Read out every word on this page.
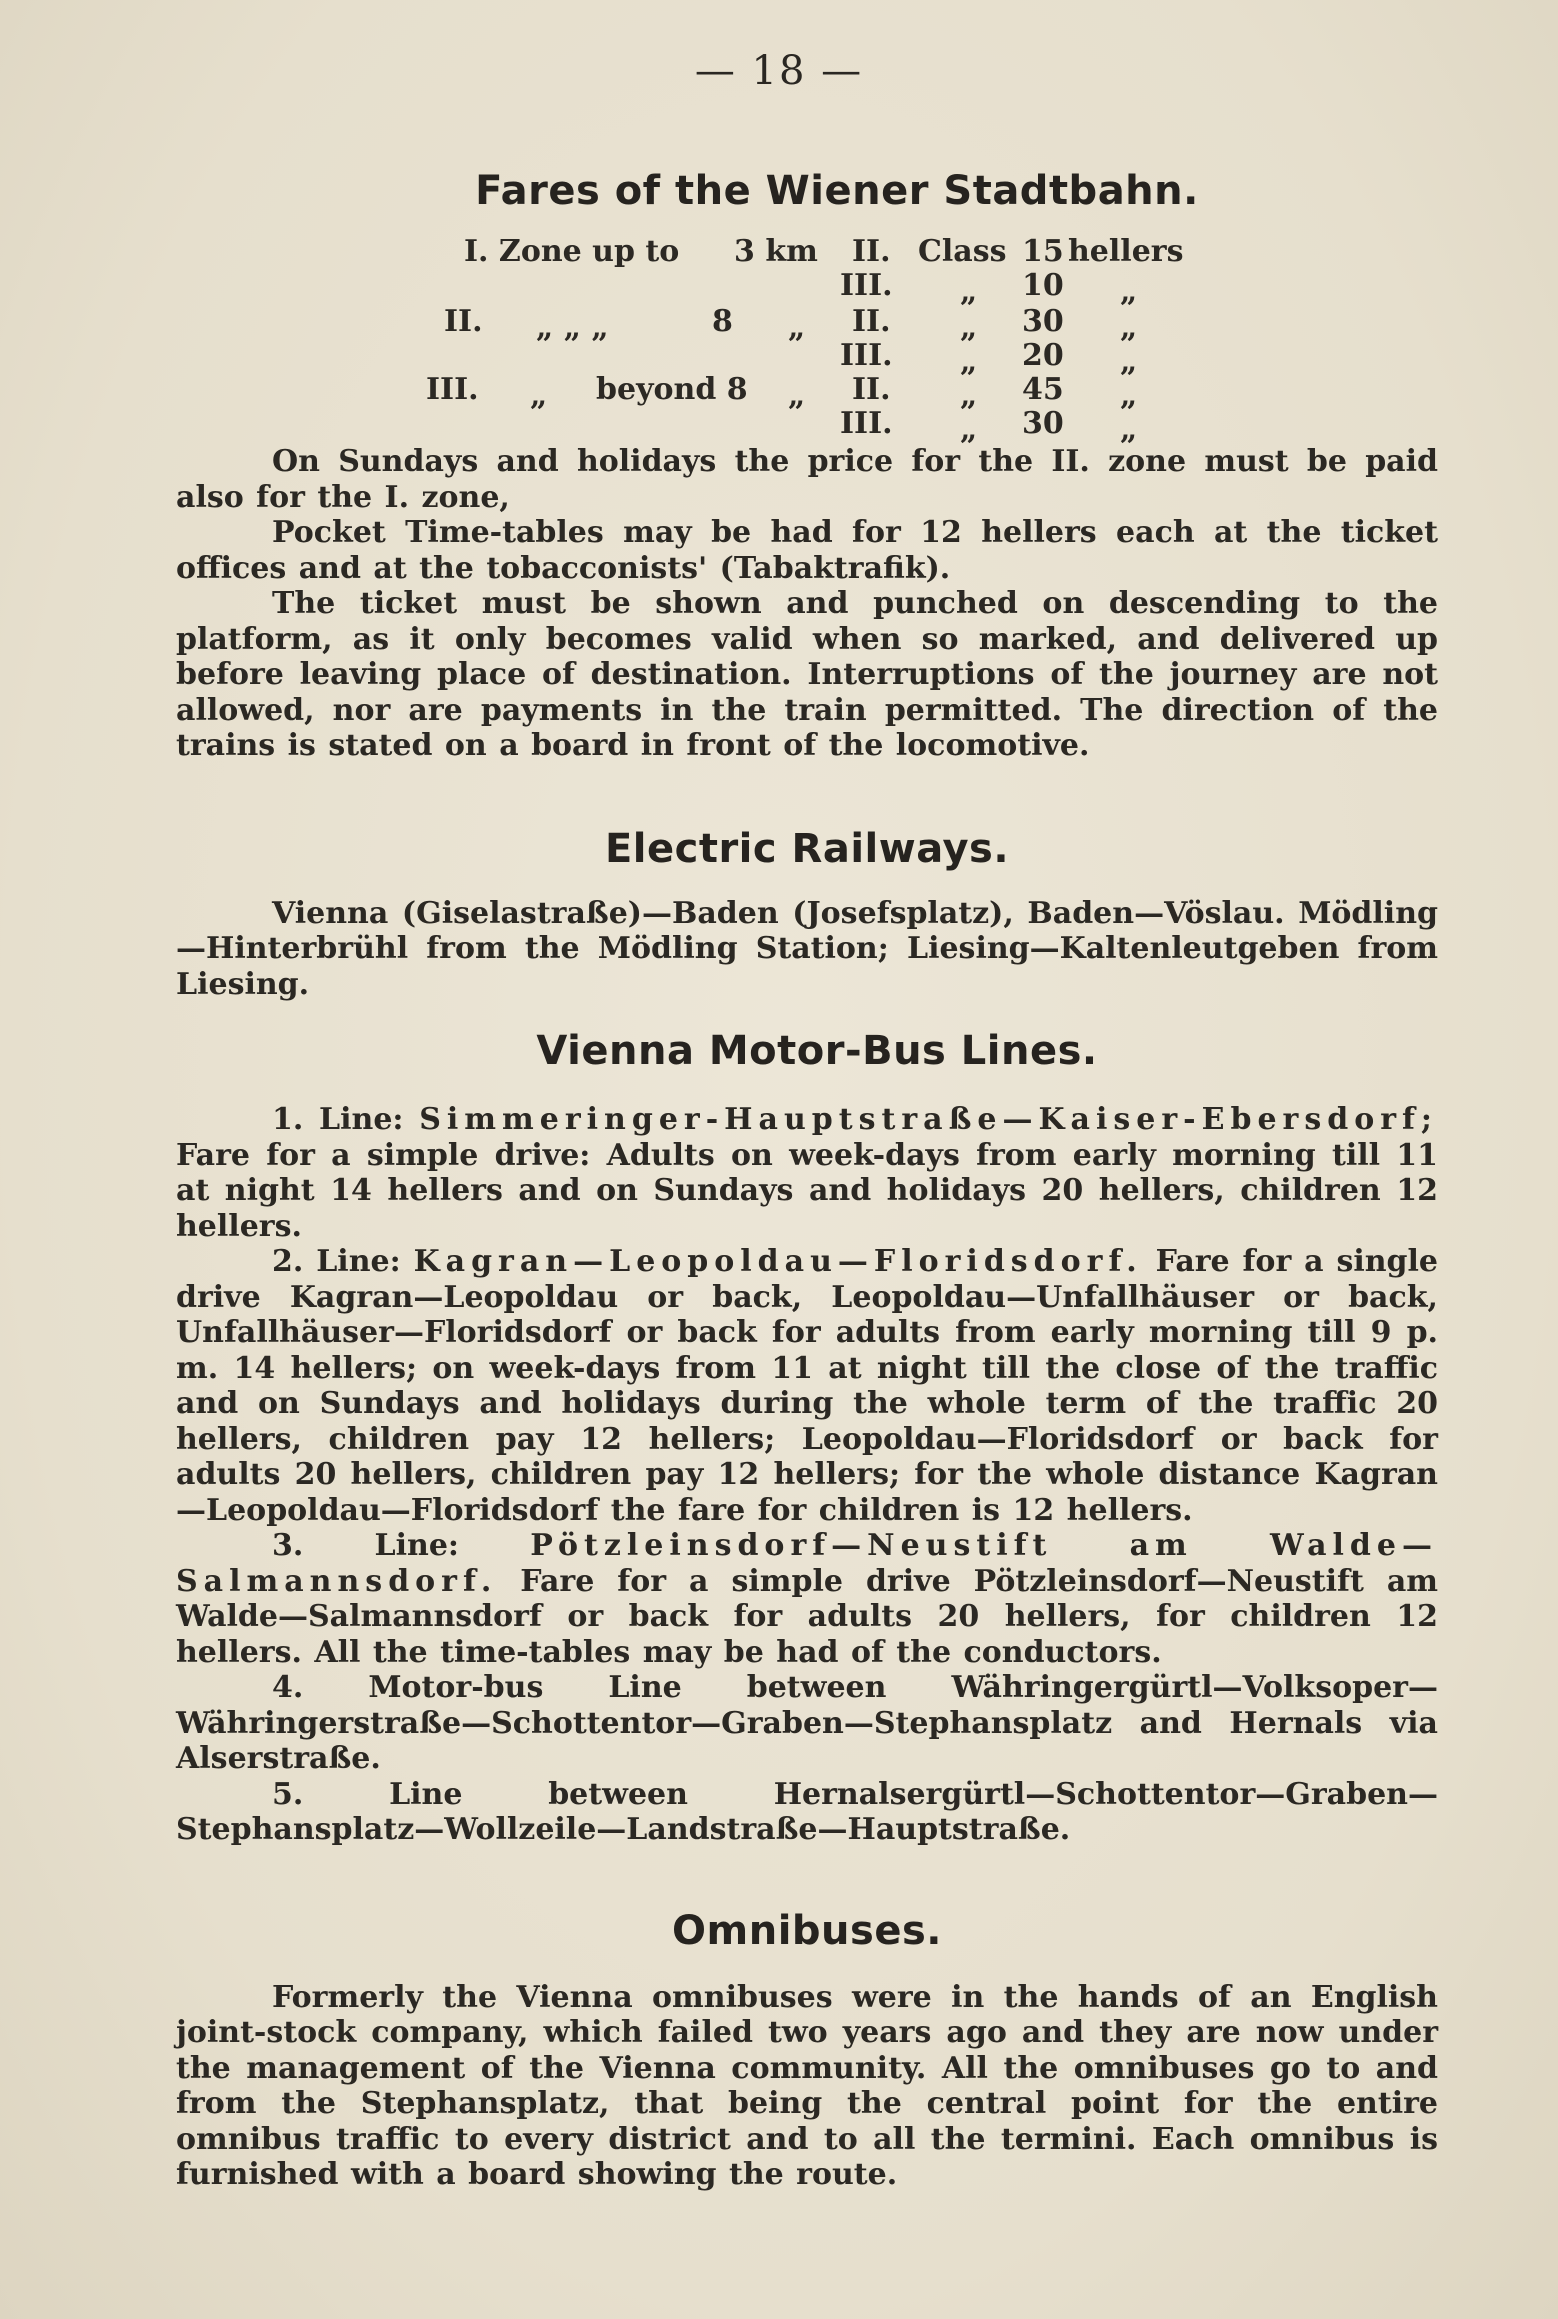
— 18 —
Fares of the Wiener Stadtbahn.
I. Zone up to 3 km II. Class 15 hellers
III. „ 10 „
II. „ „ „	8 „ II. „ 30 „
III. „ 20 „
III. „ beyond 8 „ II. „ 45 „
III. „ 30 „

On Sundays and holidays the price for the II. zone must be paid also for the I. zone,

Pocket Time-tables may be had for 12 hellers each at the ticket offices and at the tobacconists' (Tabaktrafik).

The ticket must be shown and punched on descending to the platform, as it only becomes valid when so marked, and delivered up before leaving place of destination. Interruptions of the journey are not allowed, nor are payments in the train permitted. The direction of the trains is stated on a board in front of the locomotive.

Electric Railways.

Vienna (Giselastraße)—Baden (Josefsplatz), Baden—Vöslau. Mödling—Hinterbrühl from the Mödling Station; Liesing—Kaltenleutgeben from Liesing.

Vienna Motor-Bus Lines.

1. Line: Simmeringer-Hauptstraße—Kaiser-Ebersdorf; Fare for a simple drive: Adults on week-days from early morning till 11 at night 14 hellers and on Sundays and holidays 20 hellers, children 12 hellers.

2. Line: Kagran—Leopoldau—Floridsdorf. Fare for a single drive Kagran—Leopoldau or back, Leopoldau—Unfallhäuser or back, Unfallhäuser—Floridsdorf or back for adults from early morning till 9 p. m. 14 hellers; on week-days from 11 at night till the close of the traffic and on Sundays and holidays during the whole term of the traffic 20 hellers, children pay 12 hellers; Leopoldau—Floridsdorf or back for adults 20 hellers, children pay 12 hellers; for the whole distance Kagran—Leopoldau—Floridsdorf the fare for children is 12 hellers.

3. Line: Pötzleinsdorf—Neustift am Walde—Salmannsdorf. Fare for a simple drive Pötzleinsdorf—Neustift am Walde—Salmannsdorf or back for adults 20 hellers, for children 12 hellers. All the time-tables may be had of the conductors.

4. Motor-bus Line between Währingergürtl—Volksoper—Währingerstraße—Schottentor—Graben—Stephansplatz and Hernals via Alserstraße.

5. Line between Hernalsergürtl—Schottentor—Graben—Stephansplatz—Wollzeile—Landstraße—Hauptstraße.

Omnibuses.

Formerly the Vienna omnibuses were in the hands of an English joint-stock company, which failed two years ago and they are now under the management of the Vienna community. All the omnibuses go to and from the Stephansplatz, that being the central point for the entire omnibus traffic to every district and to all the termini. Each omnibus is furnished with a board showing the route.
